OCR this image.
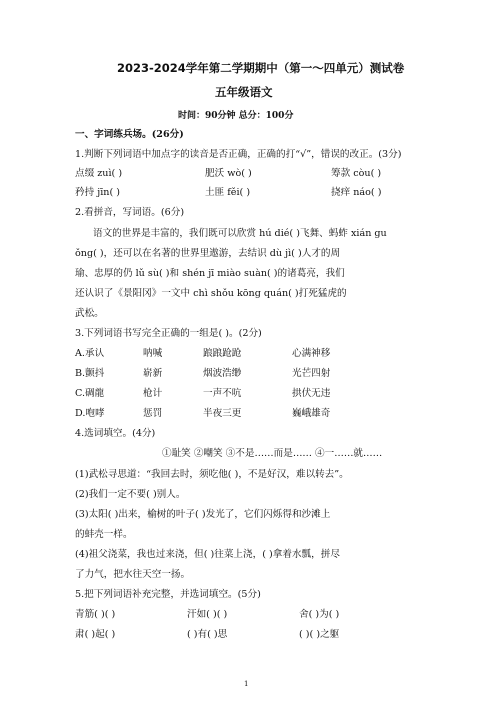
2023-2024学年第二学期期中（第一～四单元）测试卷
五年级语文
时间：90分钟 总分：100分
一、字词练兵场。(26分)
1.判断下列词语中加点字的读音是否正确，正确的打“√”，错误的改正。(3分)
点缀 zuì( )	肥沃 wò( )	筹款 còu( )
矜持 jīn( )	土匪 fěi( )	挠痒 náo( )
2.看拼音，写词语。(6分)
语文的世界是丰富的，我们既可以欣赏 hú dié( )飞舞、蚂蚱 xián gu
ǒng( )，还可以在名著的世界里遨游，去结识 dù jì( )人才的周
瑜、忠厚的仍 lǔ sù( )和 shén jī miào suàn( )的诸葛亮，我们
还认识了《景阳冈》一文中 chì shǒu kōng quán( )打死猛虎的
武松。
3.下列词语书写完全正确的一组是( )。(2分)
A.承认	呐喊	踉踉跄跄	心满神移
B.颤抖	崭新	烟波浩缈	光芒四射
C.碉龍	枪计	一声不吭	拱伏无违
D.咆哮	惩罚	半夜三更	巍峨雄奇
4.选词填空。(4分)
①耻笑 ②嘲笑 ③不是……而是…… ④一……就……
(1)武松寻思道：“我回去时，须吃他( )，不是好汉，难以转去”。
(2)我们一定不要( )别人。
(3)太阳( )出来，榆树的叶子( )发光了，它们闪烁得和沙滩上
的蚌壳一样。
(4)祖父浇菜，我也过来浇，但( )往菜上浇，( )拿着水瓢，拼尽
了力气，把水往天空一扬。
5.把下列词语补充完整，并选词填空。(5分)
青筋( )( )	汗如( )( )	舍( )为( )
肃( )起( )	( )有( )思	( )( )之躯
1
